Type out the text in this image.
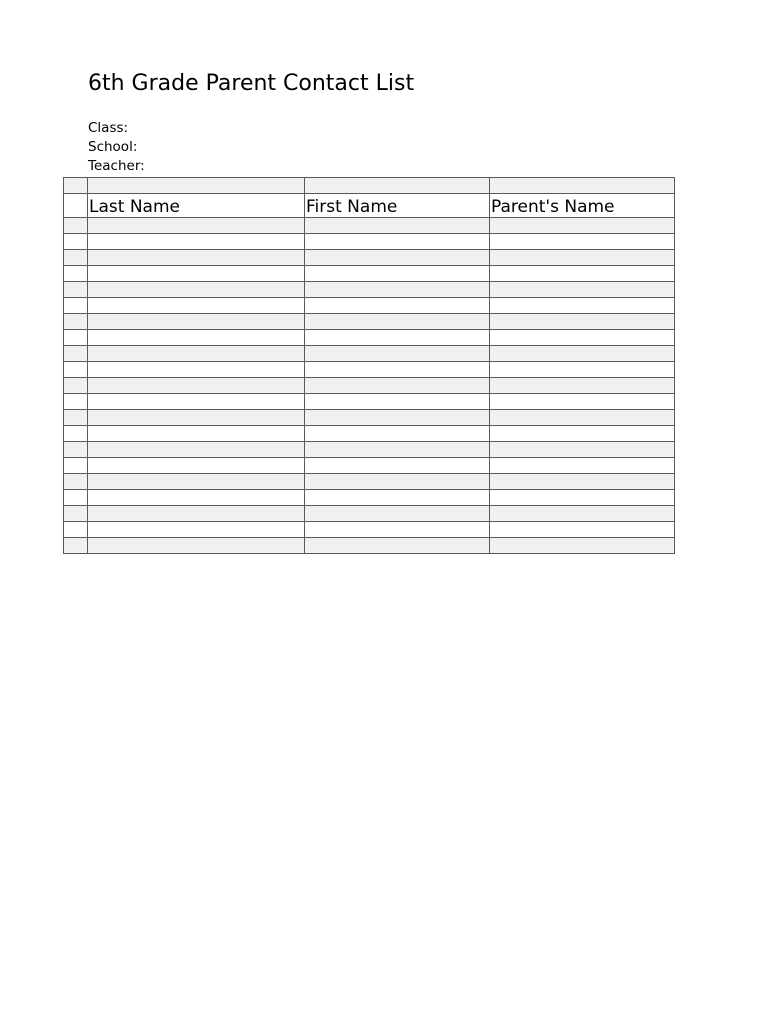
6th Grade Parent Contact List
Class:
School:
Teacher:

	Last Name	First Name	Parent's Name
